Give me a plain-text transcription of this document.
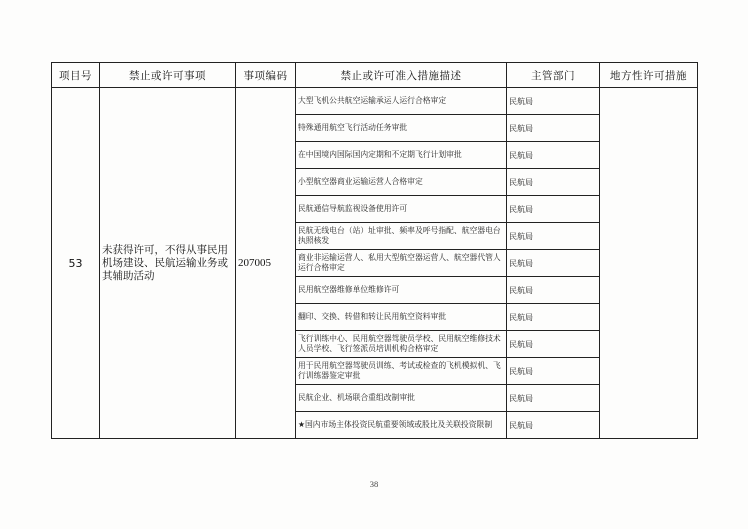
项目号	禁止或许可事项	事项编码	禁止或许可准入措施描述	主管部门	地方性许可措施
53	未获得许可，不得从事民用机场建设、民航运输业务或其辅助活动	207005	大型飞机公共航空运输承运人运行合格审定	民航局	
			特殊通用航空飞行活动任务审批	民航局	
			在中国境内国际国内定期和不定期飞行计划审批	民航局	
			小型航空器商业运输运营人合格审定	民航局	
			民航通信导航监视设备使用许可	民航局	
			民航无线电台（站）址审批、频率及呼号指配、航空器电台执照核发	民航局	
			商业非运输运营人、私用大型航空器运营人、航空器代管人运行合格审定	民航局	
			民用航空器维修单位维修许可	民航局	
			翻印、交换、转借和转让民用航空资料审批	民航局	
			飞行训练中心、民用航空器驾驶员学校、民用航空维修技术人员学校、飞行签派员培训机构合格审定	民航局	
			用于民用航空器驾驶员训练、考试或检查的飞机模拟机、飞行训练器鉴定审批	民航局	
			民航企业、机场联合重组改制审批	民航局	
			★国内市场主体投资民航重要领域或股比及关联投资限制	民航局	
38
